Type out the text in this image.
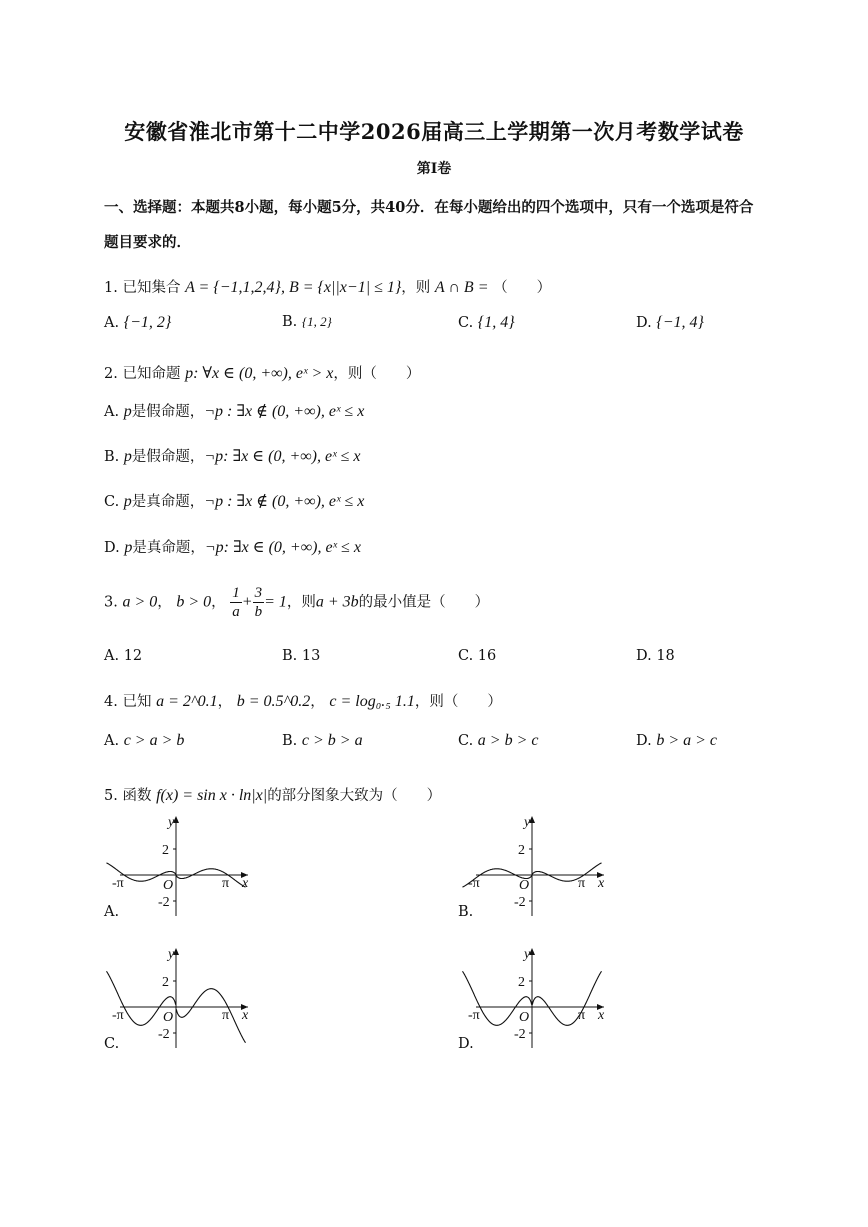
安徽省淮北市第十二中学2026届高三上学期第一次月考数学试卷
第Ⅰ卷
一、选择题：本题共8小题，每小题5分，共40分．在每小题给出的四个选项中，只有一个选项是符合题目要求的．
1. 已知集合 A = {−1,1,2,4}, B = {x||x−1| ≤ 1}，则 A ∩ B = （　　）
A. {−1, 2}	B. {1, 2}	C. {1, 4}	D. {−1, 4}
2. 已知命题 p: ∀x ∈ (0, +∞), eˣ > x，则（　　）
A. p是假命题，¬p : ∃x ∉ (0, +∞), eˣ ≤ x
B. p是假命题，¬p: ∃x ∈ (0, +∞), eˣ ≤ x
C. p是真命题，¬p : ∃x ∉ (0, +∞), eˣ ≤ x
D. p是真命题，¬p: ∃x ∈ (0, +∞), eˣ ≤ x
3. a > 0， b > 0， $\frac{1}{a} + \frac{3}{b} = 1$，则a + 3b的最小值是（　　）
A. 12	B. 13	C. 16	D. 18
4. 已知 a = 2^0.1， b = 0.5^0.2， c = log₀.₅ 1.1，则（　　）
A. c > a > b	B. c > b > a	C. a > b > c	D. b > a > c
5. 函数 f(x) = sin x · ln|x|的部分图象大致为（　　）
A.	B.
C.	D.
y
x
O
2
-2
π
-π
y
x
O
2
-2
π
-π
y
x
O
2
-2
π
-π
y
x
O
2
-2
π
-π
